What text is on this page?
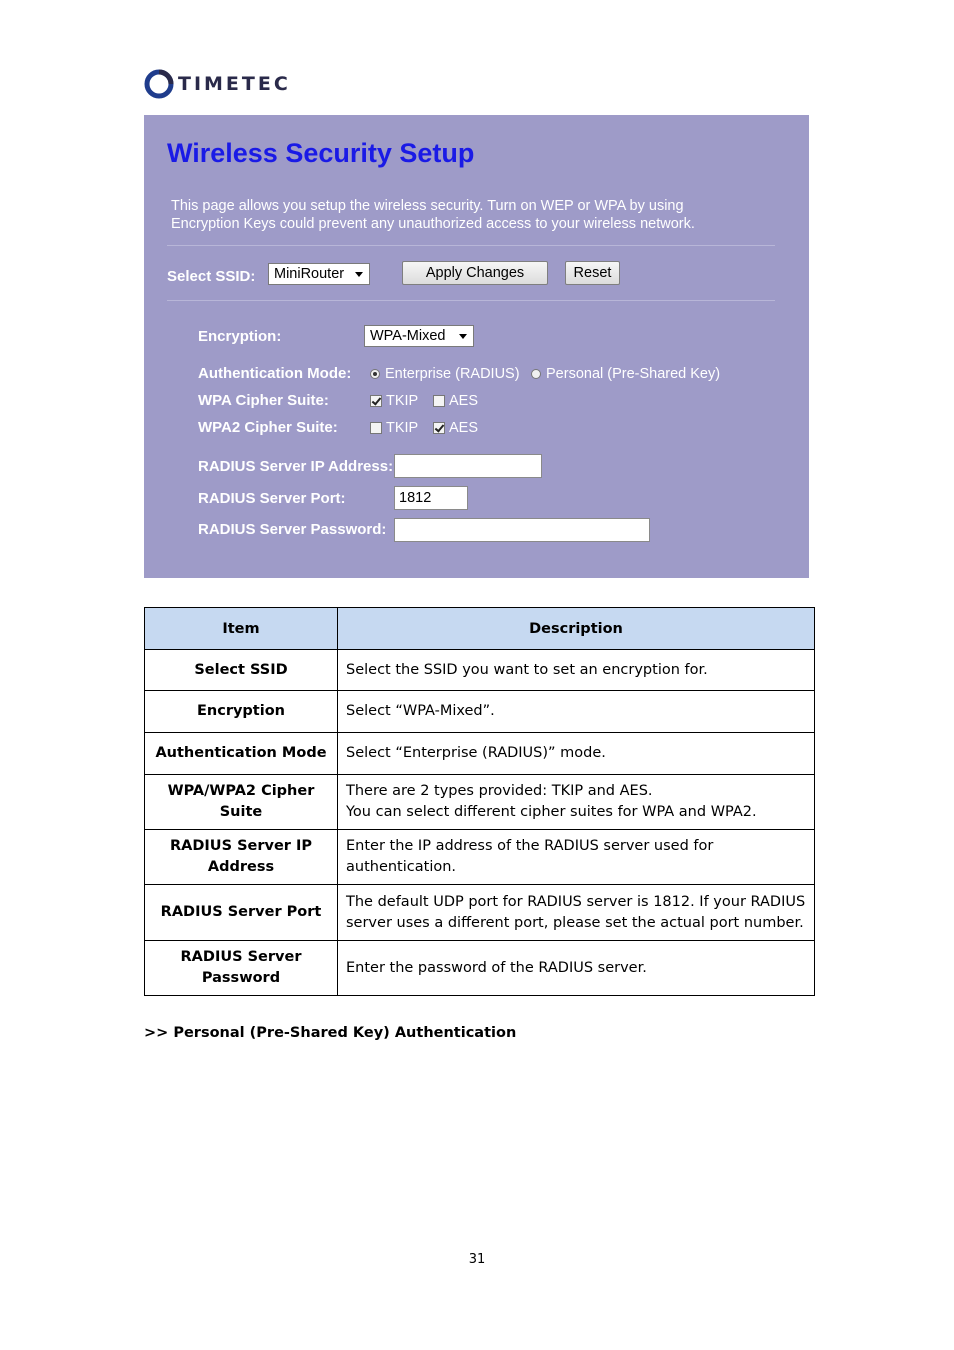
TIMETEC
Wireless Security Setup
This page allows you setup the wireless security. Turn on WEP or WPA by using Encryption Keys could prevent any unauthorized access to your wireless network.
Select SSID: MiniRouter	Apply Changes	Reset
Encryption:	WPA-Mixed
Authentication Mode: Enterprise (RADIUS) Personal (Pre-Shared Key)
WPA Cipher Suite:	TKIP AES
WPA2 Cipher Suite:	TKIP AES
RADIUS Server IP Address:
RADIUS Server Port:	1812
RADIUS Server Password:
Item	Description
Select SSID	Select the SSID you want to set an encryption for.
Encryption	Select “WPA-Mixed”.
Authentication Mode	Select “Enterprise (RADIUS)” mode.
WPA/WPA2 Cipher Suite	There are 2 types provided: TKIP and AES.
You can select different cipher suites for WPA and WPA2.

RADIUS Server IP Address	Enter the IP address of the RADIUS server used for
authentication.

RADIUS Server Port	The default UDP port for RADIUS server is 1812. If your RADIUS
server uses a different port, please set the actual port number.

RADIUS Server Password	Enter the password of the RADIUS server.
>> Personal (Pre-Shared Key) Authentication
31
